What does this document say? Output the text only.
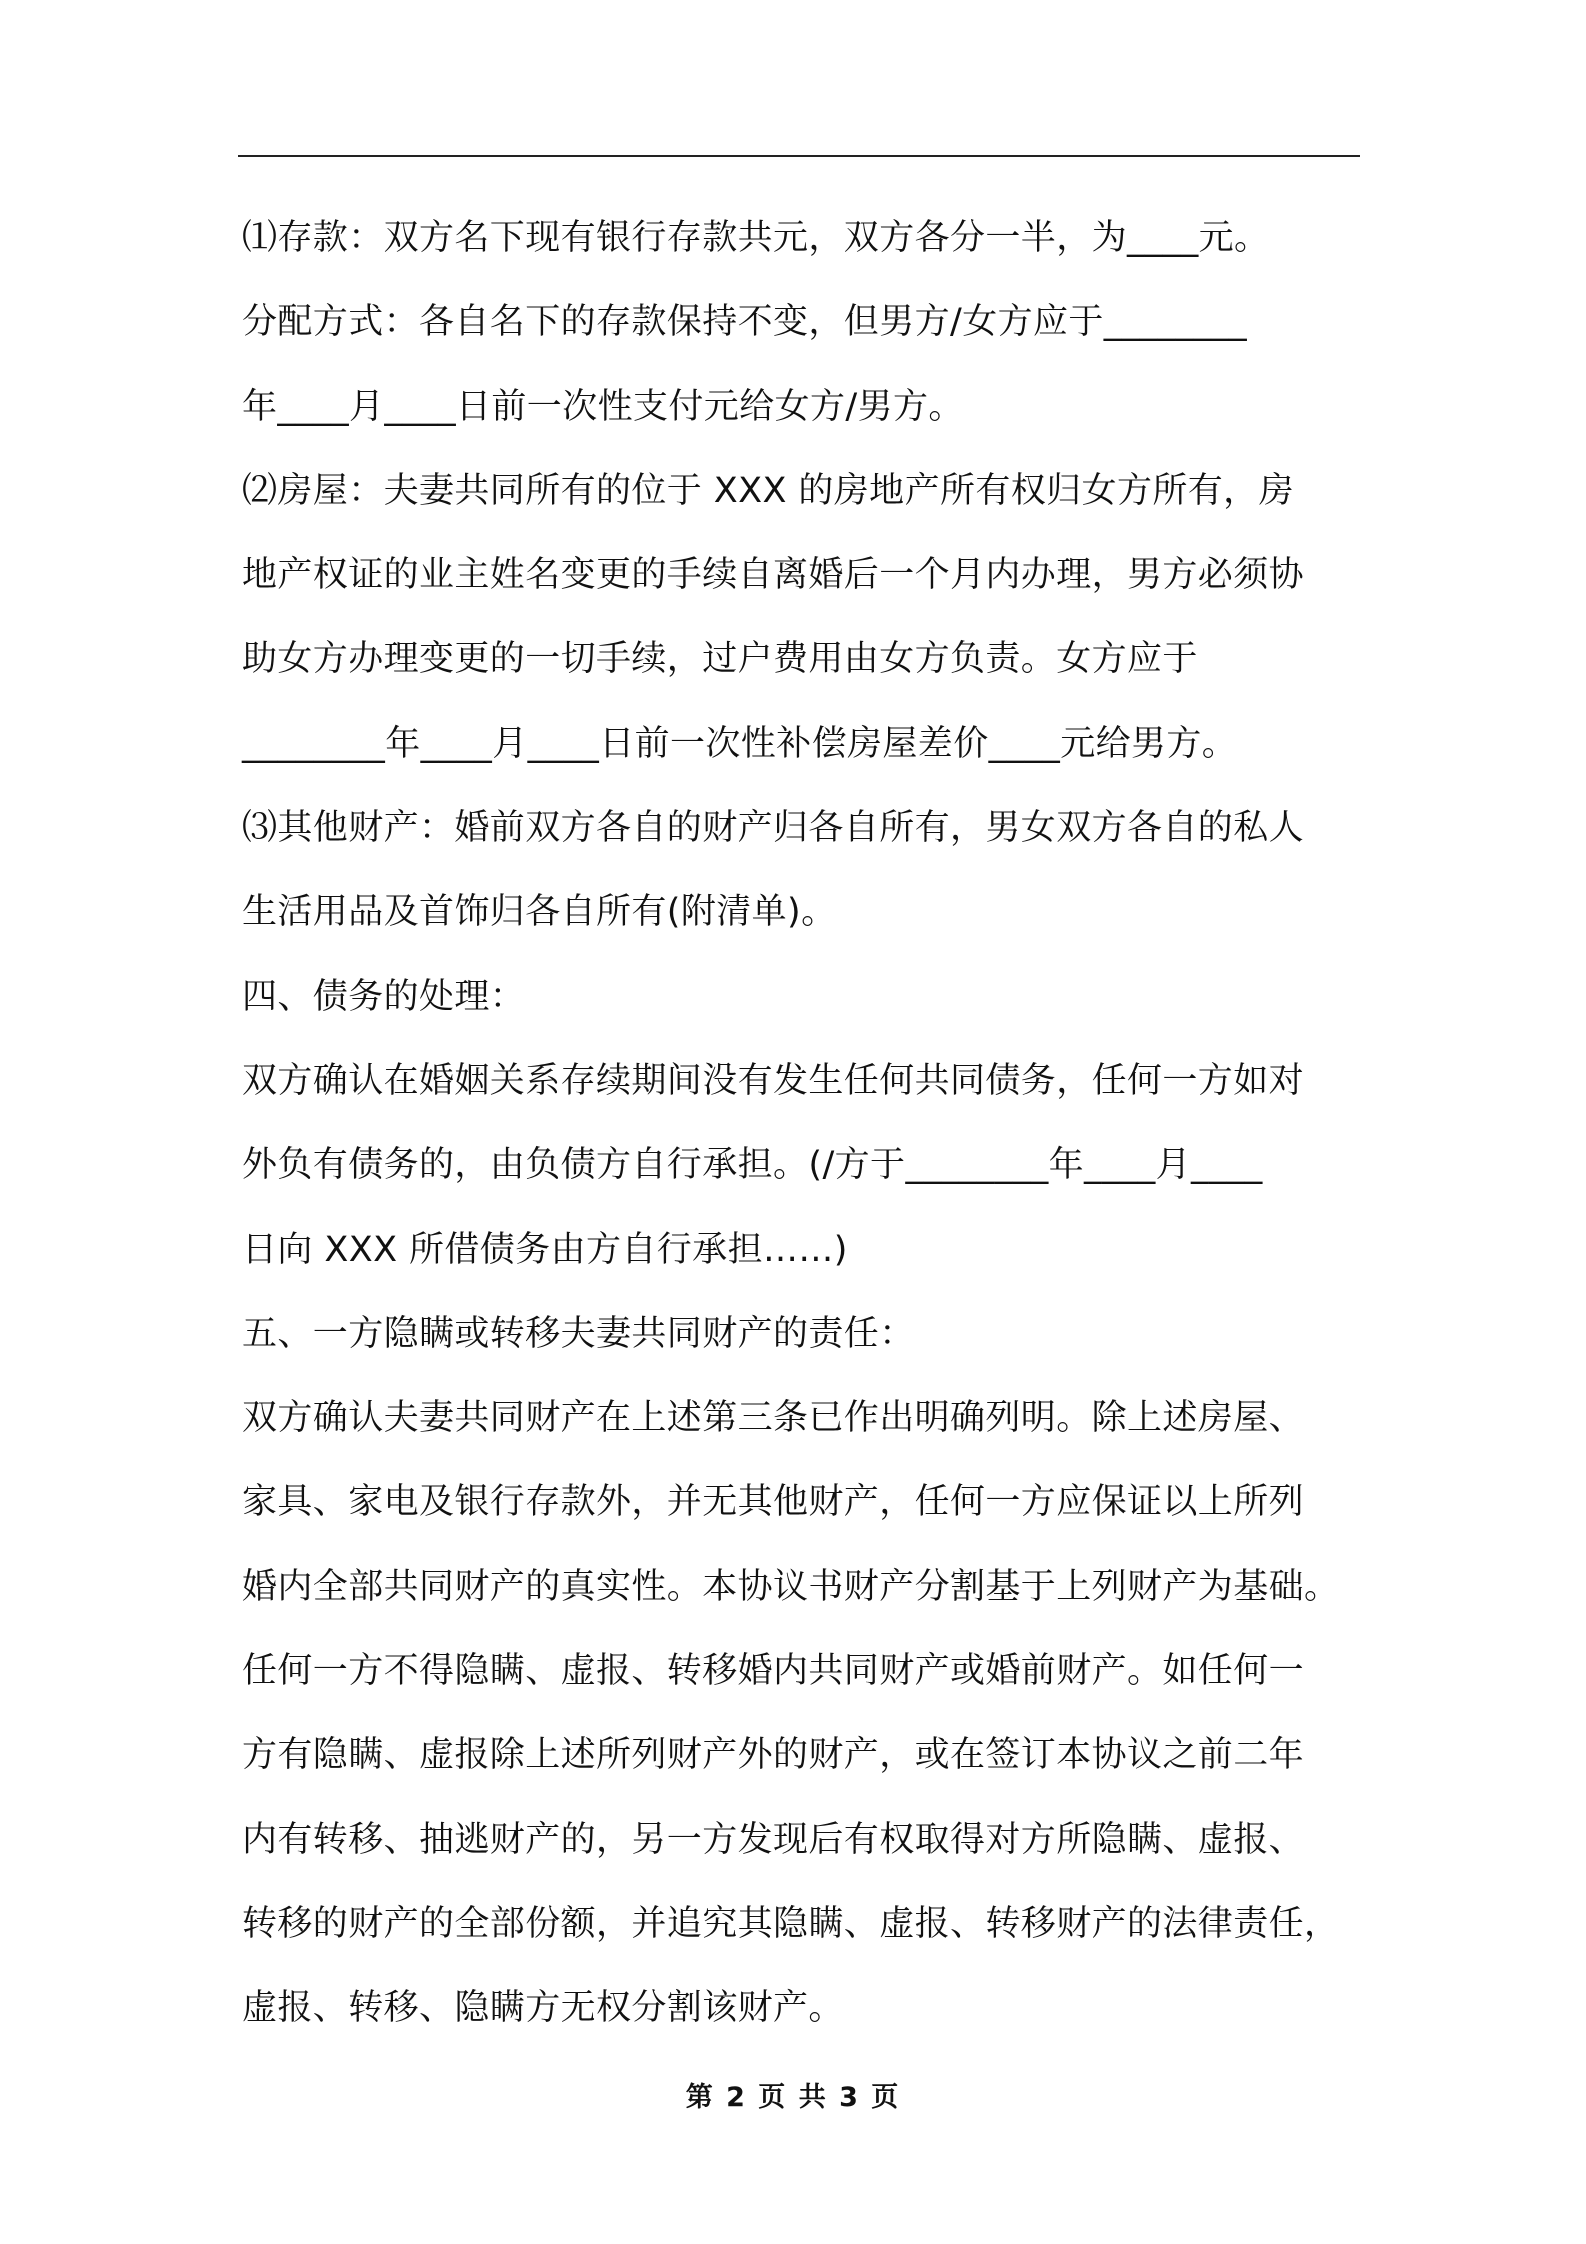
⑴存款：双方名下现有银行存款共元，双方各分一半，为____元。
分配方式：各自名下的存款保持不变，但男方/女方应于________
年____月____日前一次性支付元给女方/男方。
⑵房屋：夫妻共同所有的位于 XXX 的房地产所有权归女方所有，房
地产权证的业主姓名变更的手续自离婚后一个月内办理，男方必须协
助女方办理变更的一切手续，过户费用由女方负责。女方应于
________年____月____日前一次性补偿房屋差价____元给男方。
⑶其他财产：婚前双方各自的财产归各自所有，男女双方各自的私人
生活用品及首饰归各自所有(附清单)。
四、债务的处理：
双方确认在婚姻关系存续期间没有发生任何共同债务，任何一方如对
外负有债务的，由负债方自行承担。(/方于________年____月____
日向 XXX 所借债务由方自行承担……)
五、一方隐瞒或转移夫妻共同财产的责任：
双方确认夫妻共同财产在上述第三条已作出明确列明。除上述房屋、
家具、家电及银行存款外，并无其他财产，任何一方应保证以上所列
婚内全部共同财产的真实性。本协议书财产分割基于上列财产为基础。
任何一方不得隐瞒、虚报、转移婚内共同财产或婚前财产。如任何一
方有隐瞒、虚报除上述所列财产外的财产，或在签订本协议之前二年
内有转移、抽逃财产的，另一方发现后有权取得对方所隐瞒、虚报、
转移的财产的全部份额，并追究其隐瞒、虚报、转移财产的法律责任，
虚报、转移、隐瞒方无权分割该财产。
第 2 页 共 3 页
